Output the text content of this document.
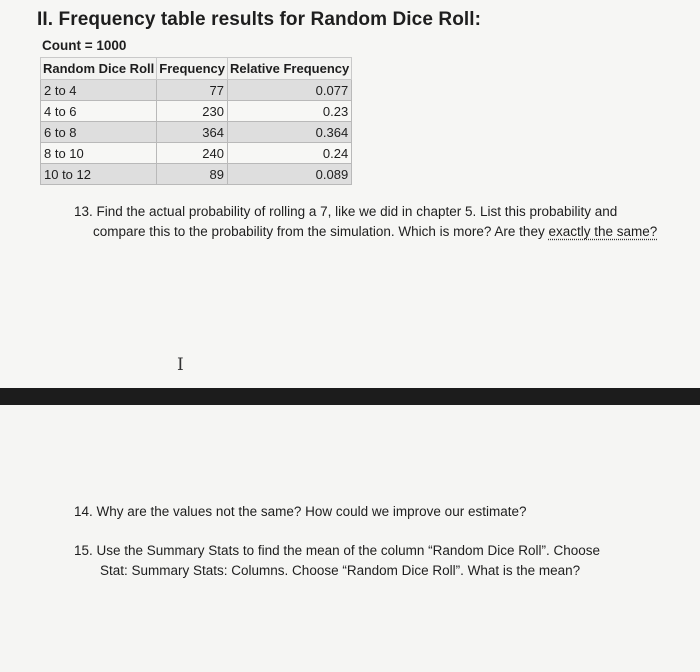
II. Frequency table results for Random Dice Roll:
Count = 1000
Random Dice Roll	Frequency	Relative Frequency
2 to 4	77	0.077
4 to 6	230	0.23
6 to 8	364	0.364
8 to 10	240	0.24
10 to 12	89	0.089
13. Find the actual probability of rolling a 7, like we did in chapter 5. List this probability and
compare this to the probability from the simulation. Which is more? Are they exactly the same?
I
14. Why are the values not the same? How could we improve our estimate?
15. Use the Summary Stats to find the mean of the column “Random Dice Roll”. Choose
Stat: Summary Stats: Columns. Choose “Random Dice Roll”. What is the mean?
